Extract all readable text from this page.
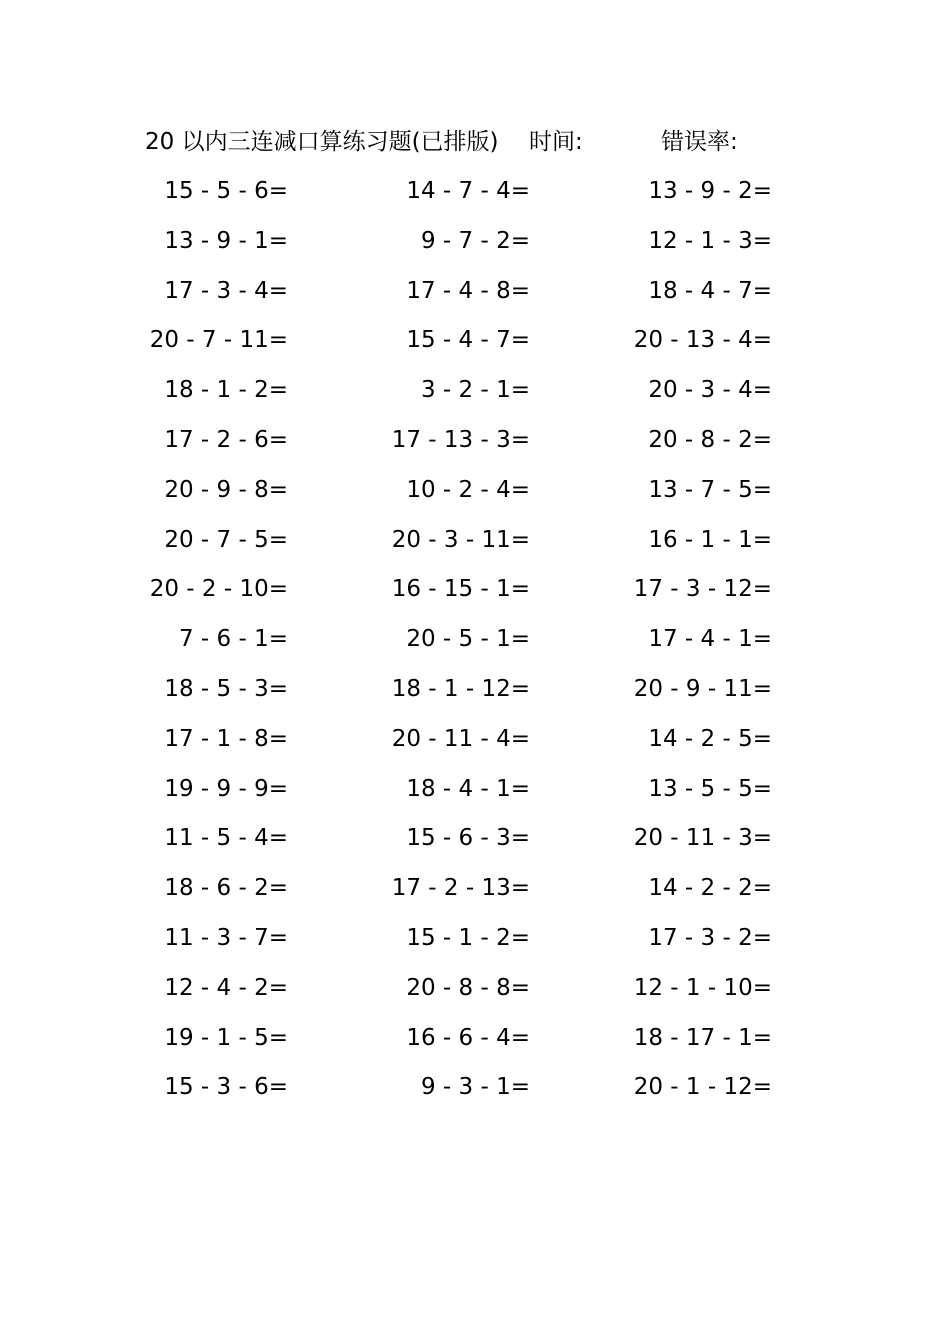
20 以内三连减口算练习题(已排版) 时间:	错误率:
15 - 5 - 6=	14 - 7 - 4=	13 - 9 - 2=
13 - 9 - 1=	9 - 7 - 2=	12 - 1 - 3=
17 - 3 - 4=	17 - 4 - 8=	18 - 4 - 7=
20 - 7 - 11=	15 - 4 - 7=	20 - 13 - 4=
18 - 1 - 2=	3 - 2 - 1=	20 - 3 - 4=
17 - 2 - 6=	17 - 13 - 3=	20 - 8 - 2=
20 - 9 - 8=	10 - 2 - 4=	13 - 7 - 5=
20 - 7 - 5=	20 - 3 - 11=	16 - 1 - 1=
20 - 2 - 10=	16 - 15 - 1=	17 - 3 - 12=
7 - 6 - 1=	20 - 5 - 1=	17 - 4 - 1=
18 - 5 - 3=	18 - 1 - 12=	20 - 9 - 11=
17 - 1 - 8=	20 - 11 - 4=	14 - 2 - 5=
19 - 9 - 9=	18 - 4 - 1=	13 - 5 - 5=
11 - 5 - 4=	15 - 6 - 3=	20 - 11 - 3=
18 - 6 - 2=	17 - 2 - 13=	14 - 2 - 2=
11 - 3 - 7=	15 - 1 - 2=	17 - 3 - 2=
12 - 4 - 2=	20 - 8 - 8=	12 - 1 - 10=
19 - 1 - 5=	16 - 6 - 4=	18 - 17 - 1=
15 - 3 - 6=	9 - 3 - 1=	20 - 1 - 12=
